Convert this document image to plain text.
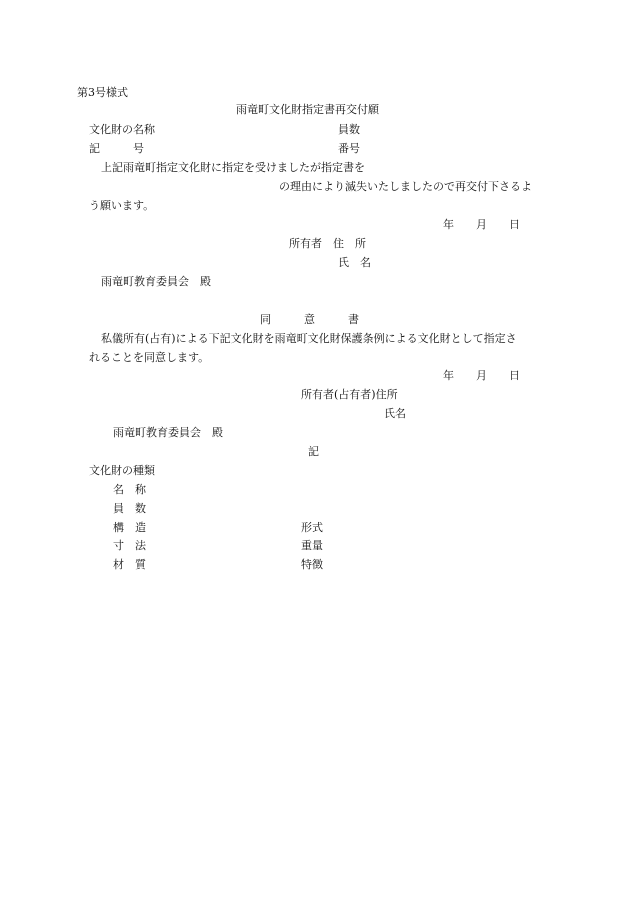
第3号様式
雨竜町文化財指定書再交付願
文化財の名称	員数
記　　　号	番号
上記雨竜町指定文化財に指定を受けましたが指定書を
の理由により滅失いたしましたので再交付下さるよ
う願います。
年　　月　　日
所有者　住　所
氏　名
雨竜町教育委員会　殿
同　　　意　　　書
私儀所有(占有)による下記文化財を雨竜町文化財保護条例による文化財として指定さ
れることを同意します。
年　　月　　日
所有者(占有者)住所
氏名
雨竜町教育委員会　殿
記
文化財の種類
名　称
員　数
構　造
寸　法
材　質
形式
重量
特徴
